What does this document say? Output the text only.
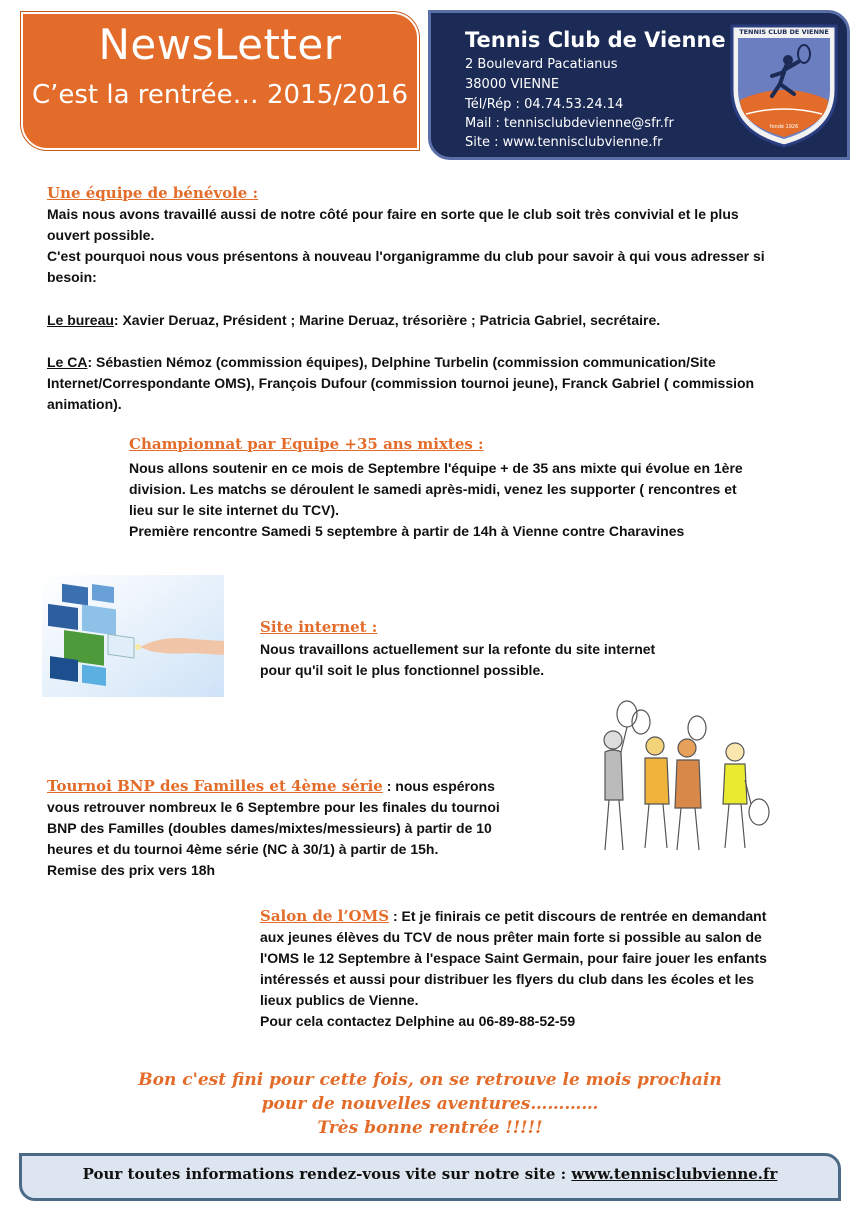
NewsLetter
C’est la rentrée… 2015/2016
Tennis Club de Vienne
2 Boulevard Pacatianus
38000 VIENNE
Tél/Rép : 04.74.53.24.14
Mail : tennisclubdevienne@sfr.fr
Site : www.tennisclubvienne.fr
TENNIS CLUB DE VIENNE
fondé 1926
Une équipe de bénévole :
Mais nous avons travaillé aussi de notre côté pour faire en sorte que le club soit très convivial et le plus
ouvert possible.
C'est pourquoi nous vous présentons à nouveau l'organigramme du club pour savoir à qui vous adresser si
besoin:
Le bureau: Xavier Deruaz, Président ; Marine Deruaz, trésorière ; Patricia Gabriel, secrétaire.
Le CA: Sébastien Némoz (commission équipes), Delphine Turbelin (commission communication/Site
Internet/Correspondante OMS), François Dufour (commission tournoi jeune), Franck Gabriel ( commission
animation).
Championnat par Equipe +35 ans mixtes :
Nous allons soutenir en ce mois de Septembre l'équipe + de 35 ans mixte qui évolue en 1ère
division. Les matchs se déroulent le samedi après-midi, venez les supporter ( rencontres et
lieu sur le site internet du TCV).
Première rencontre Samedi 5 septembre à partir de 14h à Vienne contre Charavines
Site internet :
Nous travaillons actuellement sur la refonte du site internet
pour qu'il soit le plus fonctionnel possible.
Tournoi BNP des Familles et 4ème série : nous espérons
vous retrouver nombreux le 6 Septembre pour les finales du tournoi
BNP des Familles (doubles dames/mixtes/messieurs) à partir de 10
heures et du tournoi 4ème série (NC à 30/1) à partir de 15h.
Remise des prix vers 18h
Salon de l’OMS : Et je finirais ce petit discours de rentrée en demandant
aux jeunes élèves du TCV de nous prêter main forte si possible au salon de
l'OMS le 12 Septembre à l'espace Saint Germain, pour faire jouer les enfants
intéressés et aussi pour distribuer les flyers du club dans les écoles et les
lieux publics de Vienne.
Pour cela contactez Delphine au 06-89-88-52-59
Bon c'est fini pour cette fois, on se retrouve le mois prochain
pour de nouvelles aventures…………
Très bonne rentrée !!!!!
Pour toutes informations rendez-vous vite sur notre site : www.tennisclubvienne.fr
